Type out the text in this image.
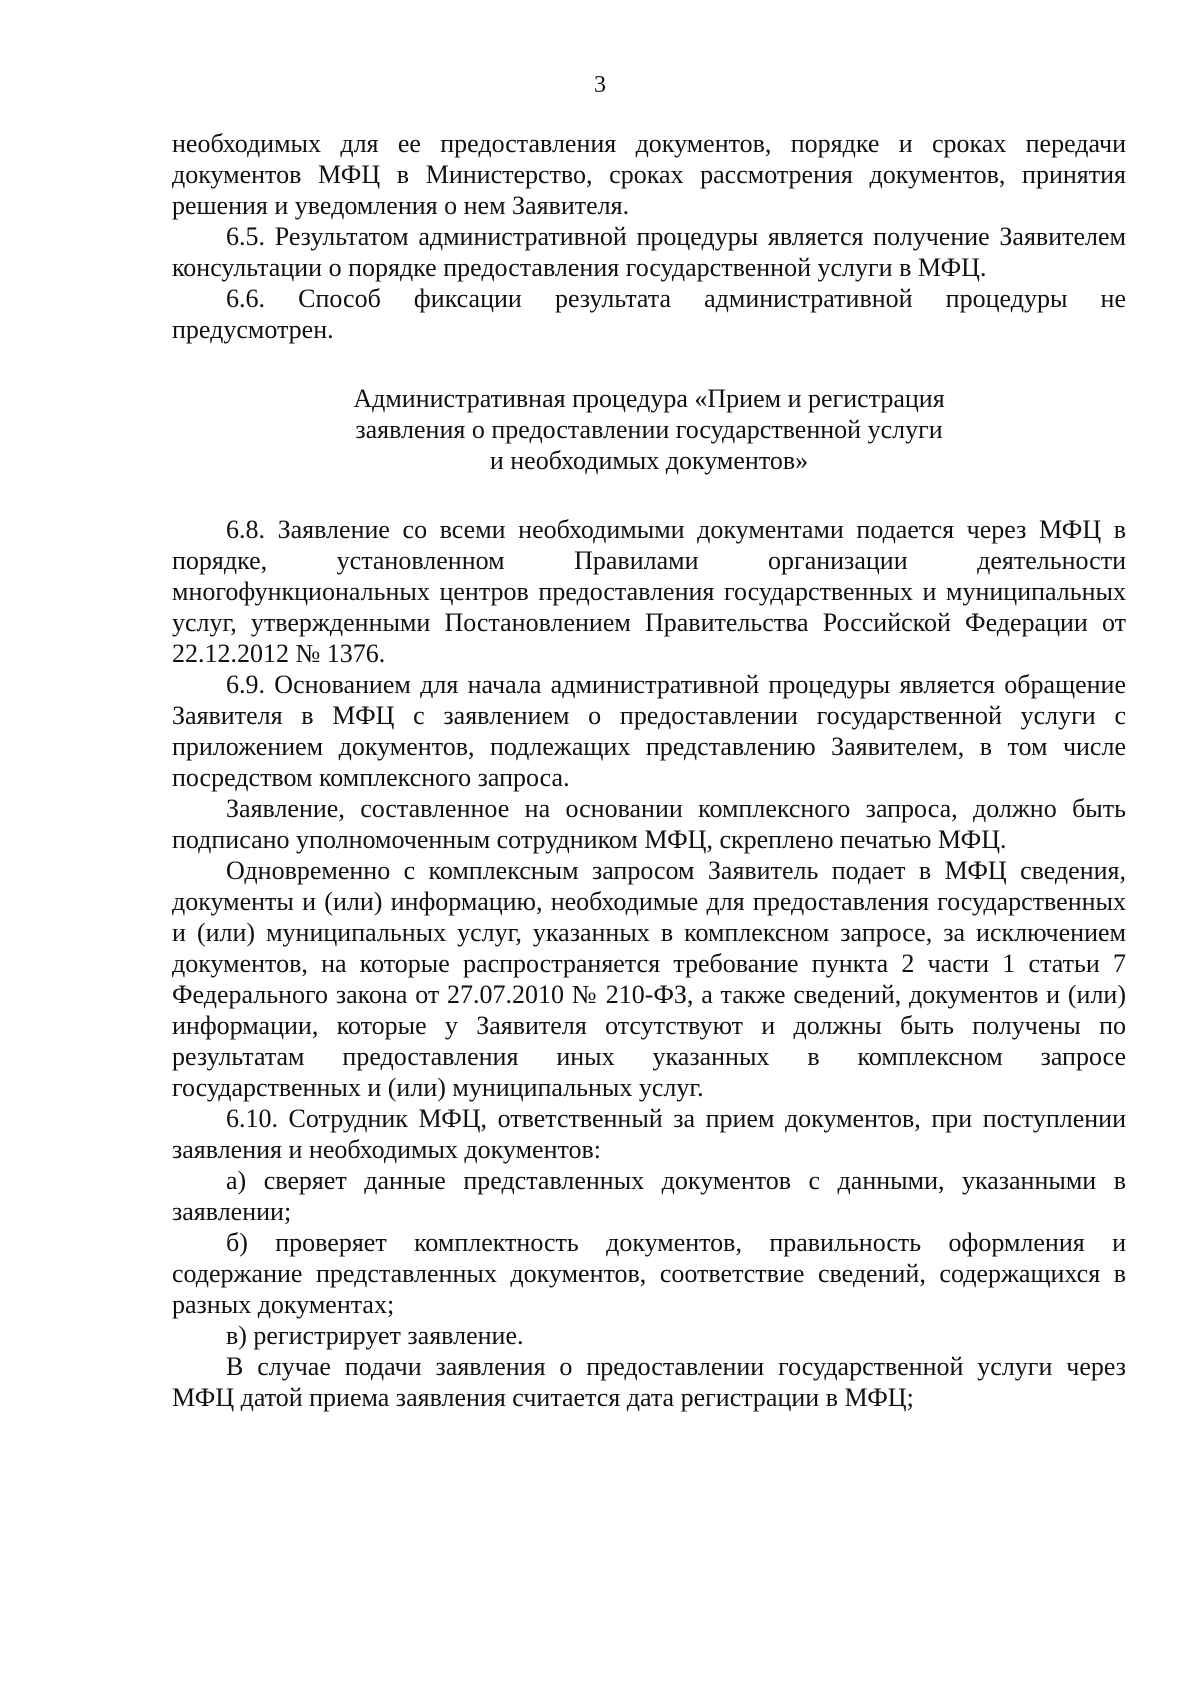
3

необходимых для ее предоставления документов, порядке и сроках передачи документов МФЦ в Министерство, сроках рассмотрения документов, принятия решения и уведомления о нем Заявителя.

6.5. Результатом административной процедуры является получение Заявителем консультации о порядке предоставления государственной услуги в МФЦ.

6.6. Способ фиксации результата административной процедуры не предусмотрен.

Административная процедура «Прием и регистрация
заявления о предоставлении государственной услуги
и необходимых документов»

6.8. Заявление со всеми необходимыми документами подается через МФЦ в порядке, установленном Правилами организации деятельности многофункциональных центров предоставления государственных и муниципальных услуг, утвержденными Постановлением Правительства Российской Федерации от 22.12.2012 № 1376.

6.9. Основанием для начала административной процедуры является обращение Заявителя в МФЦ с заявлением о предоставлении государственной услуги с приложением документов, подлежащих представлению Заявителем, в том числе посредством комплексного запроса.

Заявление, составленное на основании комплексного запроса, должно быть подписано уполномоченным сотрудником МФЦ, скреплено печатью МФЦ.

Одновременно с комплексным запросом Заявитель подает в МФЦ сведения, документы и (или) информацию, необходимые для предоставления государственных и (или) муниципальных услуг, указанных в комплексном запросе, за исключением документов, на которые распространяется требование пункта 2 части 1 статьи 7 Федерального закона от 27.07.2010 № 210-ФЗ, а также сведений, документов и (или) информации, которые у Заявителя отсутствуют и должны быть получены по результатам предоставления иных указанных в комплексном запросе государственных и (или) муниципальных услуг.

6.10. Сотрудник МФЦ, ответственный за прием документов, при поступлении заявления и необходимых документов:

а) сверяет данные представленных документов с данными, указанными в заявлении;

б) проверяет комплектность документов, правильность оформления и содержание представленных документов, соответствие сведений, содержащихся в разных документах;

в) регистрирует заявление.

В случае подачи заявления о предоставлении государственной услуги через МФЦ датой приема заявления считается дата регистрации в МФЦ;
